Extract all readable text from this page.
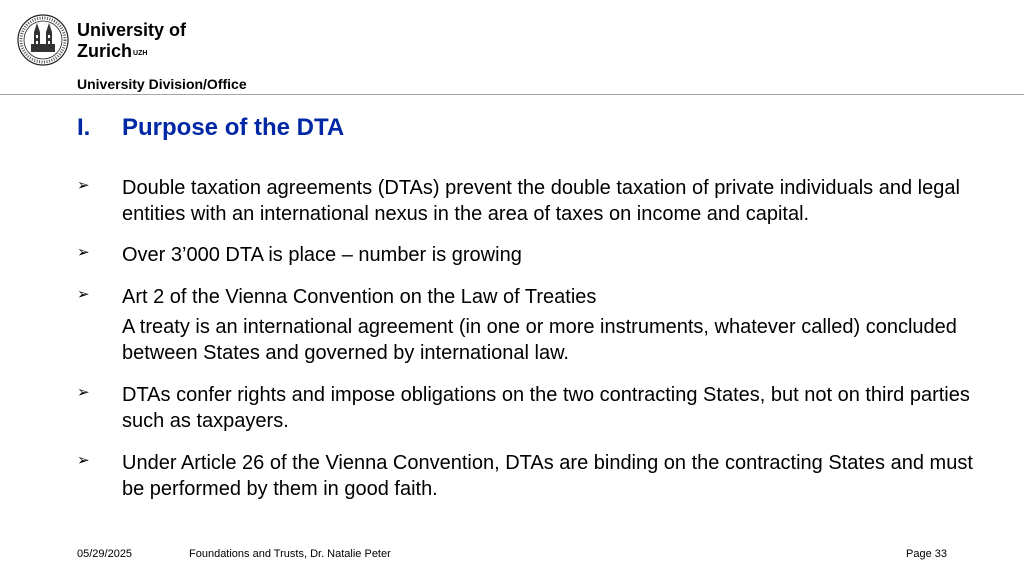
University of
Zurich$^{UZH}$
University Division/Office
I. Purpose of the DTA
➢ Double taxation agreements (DTAs) prevent the double taxation of private individuals and legal entities with an international nexus in the area of taxes on income and capital.
➢ Over 3’000 DTA is place – number is growing
➢ Art 2 of the Vienna Convention on the Law of Treaties
A treaty is an international agreement (in one or more instruments, whatever called) concluded between States and governed by international law.
➢ DTAs confer rights and impose obligations on the two contracting States, but not on third parties such as taxpayers.
➢ Under Article 26 of the Vienna Convention, DTAs are binding on the contracting States and must be performed by them in good faith.
05/29/2025	Foundations and Trusts, Dr. Natalie Peter	Page 33
